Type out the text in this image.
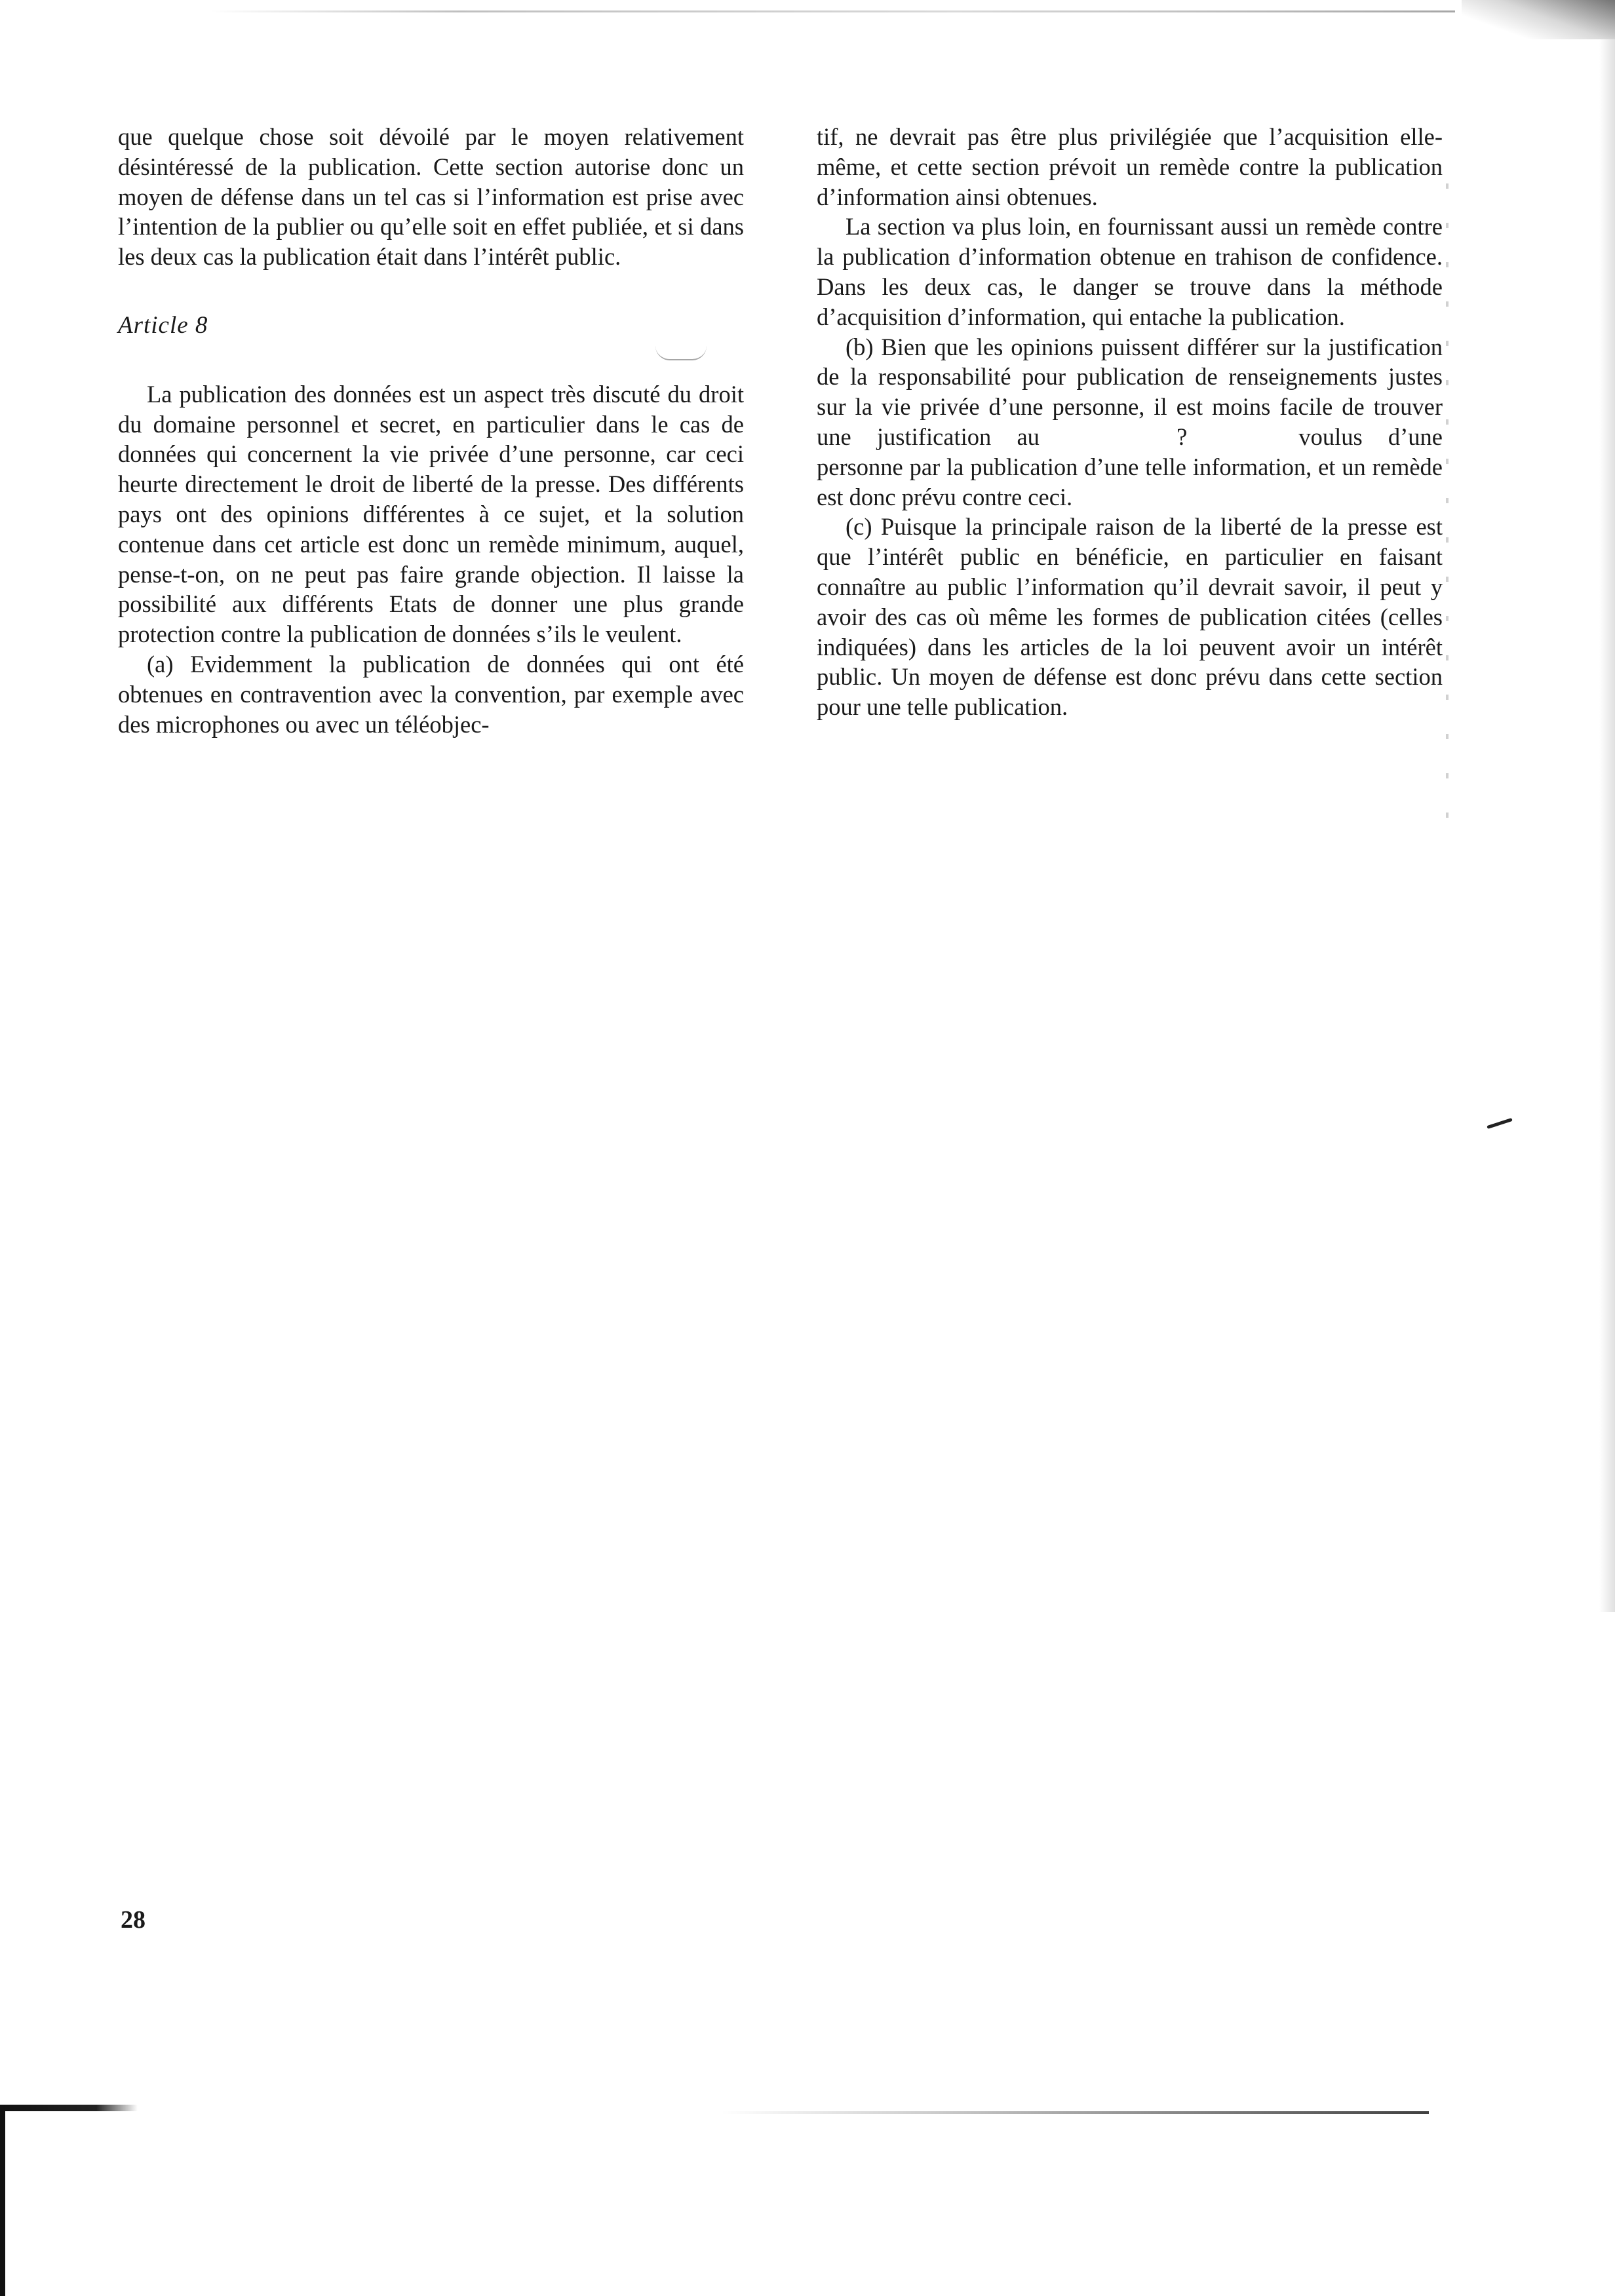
que quelque chose soit dévoilé par le moyen relativement désintéressé de la publication. Cette section autorise donc un moyen de défense dans un tel cas si l’information est prise avec l’intention de la publier ou qu’elle soit en effet publiée, et si dans les deux cas la publication était dans l’intérêt public.

Article 8

La publication des données est un aspect très discuté du droit du domaine personnel et secret, en particulier dans le cas de données qui concernent la vie privée d’une personne, car ceci heurte directement le droit de liberté de la presse. Des différents pays ont des opinions différentes à ce sujet, et la solution contenue dans cet article est donc un remède minimum, auquel, pense-t-on, on ne peut pas faire grande objection. Il laisse la possibilité aux différents Etats de donner une plus grande protection contre la publication de données s’ils le veulent.

(a) Evidemment la publication de données qui ont été obtenues en contravention avec la convention, par exemple avec des microphones ou avec un téléobjec-

tif, ne devrait pas être plus privilégiée que l’acquisition elle-même, et cette section prévoit un remède contre la publication d’information ainsi obtenues.

La section va plus loin, en fournissant aussi un remède contre la publication d’information obtenue en trahison de confidence. Dans les deux cas, le danger se trouve dans la méthode d’acquisition d’information, qui entache la publication.

(b) Bien que les opinions puissent différer sur la justification de la responsabilité pour publication de renseignements justes sur la vie privée d’une personne, il est moins facile de trouver une justification au	?	voulus d’une personne par la publication d’une telle information, et un remède est donc prévu contre ceci.

(c) Puisque la principale raison de la liberté de la presse est que l’intérêt public en bénéficie, en particulier en faisant connaître au public l’information qu’il devrait savoir, il peut y avoir des cas où même les formes de publication citées (celles indiquées) dans les articles de la loi peuvent avoir un intérêt public. Un moyen de défense est donc prévu dans cette section pour une telle publication.

28
